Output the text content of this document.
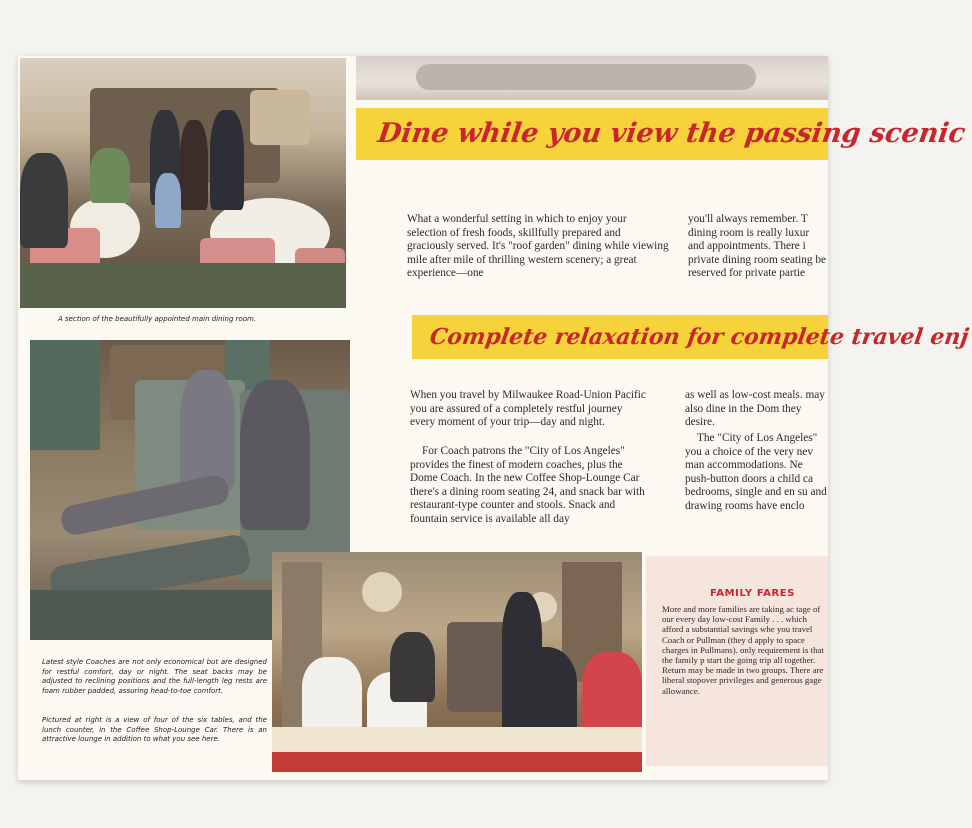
A section of the beautifully appointed main dining room.
Dine while you view the passing scenic
What a wonderful setting in which to enjoy your selection of fresh foods, skillfully prepared and graciously served. It's "roof garden" dining while viewing mile after mile of thrilling western scenery; a great experience—one
you'll always remember. T dining room is really luxur and appointments. There i private dining room seating be reserved for private partie
Complete relaxation for complete travel enj
When you travel by Milwaukee Road-Union Pacific you are assured of a completely restful journey every moment of your trip—day and night.
For Coach patrons the "City of Los Angeles" provides the finest of modern coaches, plus the Dome Coach. In the new Coffee Shop-Lounge Car there's a dining room seating 24, and snack bar with restaurant-type counter and stools. Snack and fountain service is available all day
as well as low-cost meals. may also dine in the Dom they desire.
The "City of Los Angeles" you a choice of the very nev man accommodations. Ne push-button doors a child ca bedrooms, single and en su and drawing rooms have enclo
Latest style Coaches are not only economical but are designed for restful comfort, day or night. The seat backs may be adjusted to reclining positions and the full-length leg rests are foam rubber padded, assuring head-to-toe comfort.
Pictured at right is a view of four of the six tables, and the lunch counter, in the Coffee Shop-Lounge Car. There is an attractive lounge in addition to what you see here.
FAMILY FARES
More and more families are taking ac tage of our every day low-cost Family . . . which afford a substantial savings whe you travel Coach or Pullman (they d apply to space charges in Pullmans). only requirement is that the family p start the going trip all together. Return may be made in two groups. There are liberal stopover privileges and generous gage allowance.
